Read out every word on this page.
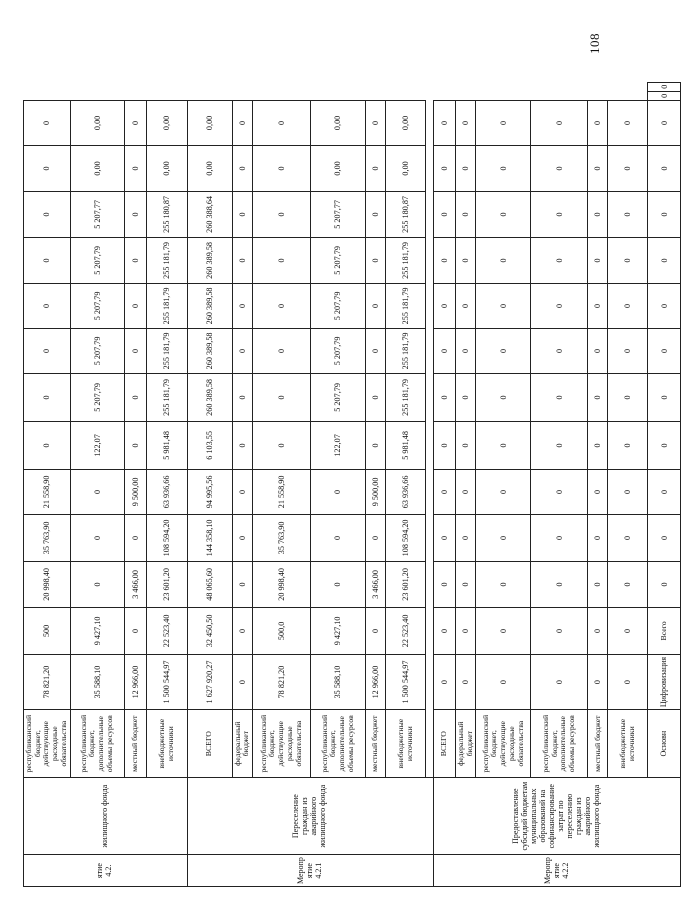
ятие 4.2.	жилищного фонда	республиканский бюджет, действующие расходные обязательства	78 821,20	500	20 998,40	35 763,90	21 558,90	0	0	0	0	0	0	0	0		
		республиканский бюджет, дополнительные объемы ресурсов	35 588,10	9 427,10	0	0	0	122,07	5 207,79	5 207,79	5 207,79	5 207,79	5 207,77	0,00	0,00		
		местный бюджет	12 966,00	0	3 466,00	0	9 500,00	0	0	0	0	0	0	0	0		
		внебюджетные источники	1 500 544,97	22 523,40	23 601,20	108 594,20	63 936,66	5 981,48	255 181,79	255 181,79	255 181,79	255 181,79	255 180,87	0,00	0,00		
Меропр ятие 4.2.1	Переселение граждан из аварийного жилищного фонда	ВСЕГО	1 627 920,27	32 450,50	48 065,60	144 358,10	94 995,56	6 103,55	260 389,58	260 389,58	260 389,58	260 389,58	260 388,64	0,00	0,00		
		федеральный бюджет	0	0	0	0	0	0	0	0	0	0	0	0	0		
		республиканский бюджет, действующие расходные обязательства	78 821,20	500,0	20 998,40	35 763,90	21 558,90	0	0	0	0	0	0	0	0		
		республиканский бюджет, дополнительные объемы ресурсов	35 588,10	9 427,10	0	0	0	122,07	5 207,79	5 207,79	5 207,79	5 207,79	5 207,77	0,00	0,00		
		местный бюджет	12 966,00	0	3 466,00	0	9 500,00	0	0	0	0	0	0	0	0		
		внебюджетные источники	1 500 544,97	22 523,40	23 601,20	108 594,20	63 936,66	5 981,48	255 181,79	255 181,79	255 181,79	255 181,79	255 180,87	0,00	0,00		

Меропр ятие 4.2.2	Предоставление субсидий бюджетам муниципальных образований на софинансирование затрат по переселению граждан из аварийного жилищного фонда	ВСЕГО	0	0	0	0	0	0	0	0	0	0	0	0	0		
		федеральный бюджет	0	0	0	0	0	0	0	0	0	0	0	0	0		
		республиканский бюджет, действующие расходные обязательства	0	0	0	0	0	0	0	0	0	0	0	0	0		
		республиканский бюджет, дополнительные объемы ресурсов	0	0	0	0	0	0	0	0	0	0	0	0	0		
		местный бюджет	0	0	0	0	0	0	0	0	0	0	0	0	0		
		внебюджетные источники	0	0	0	0	0	0	0	0	0	0	0	0	0		
		Основн	Цифровизация	Всего	0	0	0	0	0	0	0	0	0	0	0	0	0
108
